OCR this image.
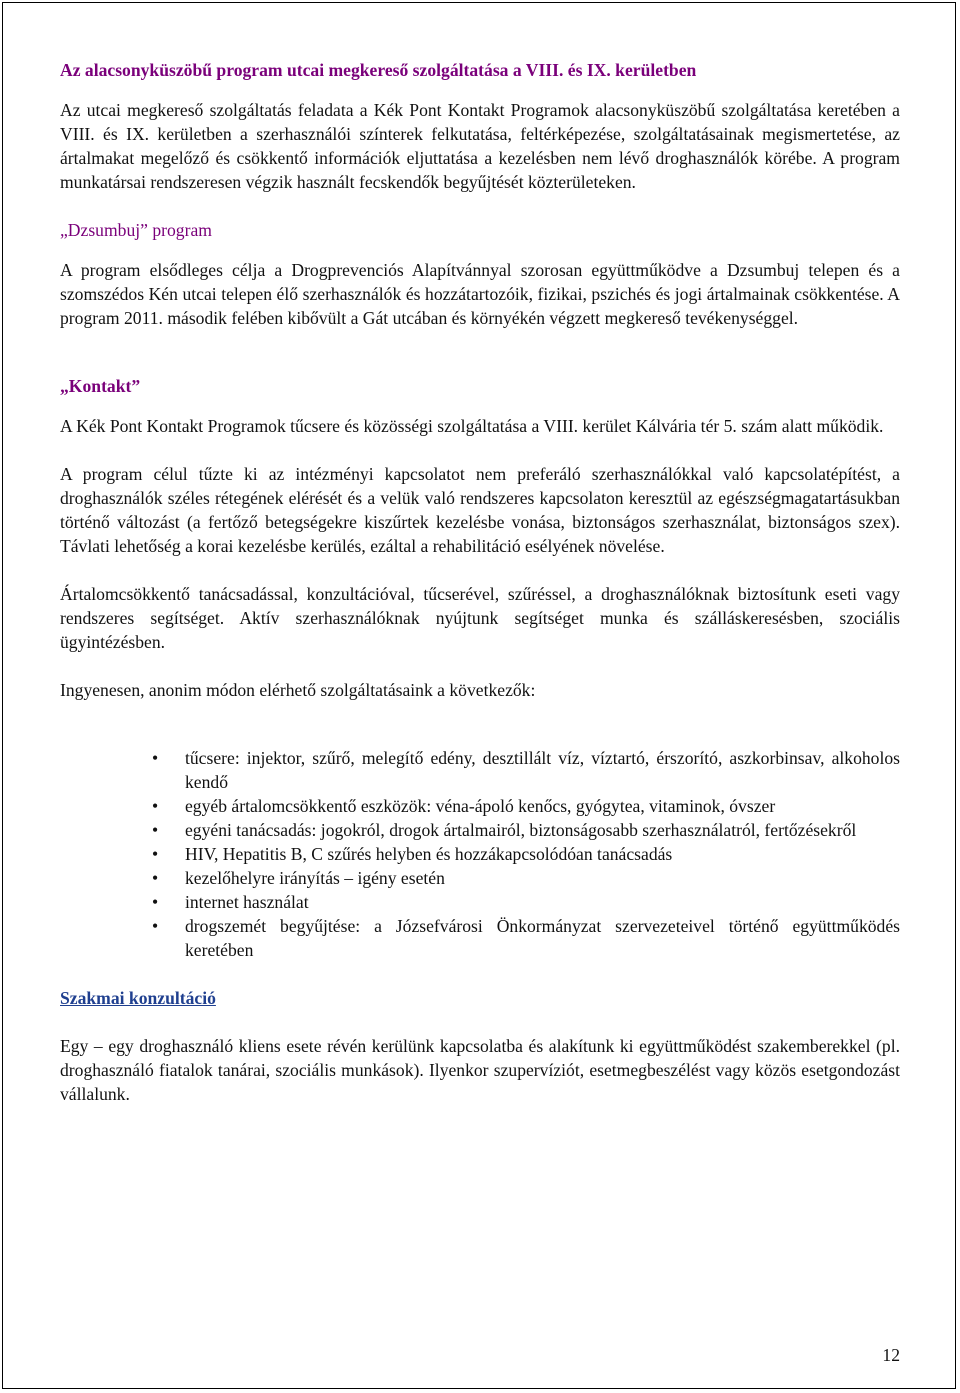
Az alacsonyküszöbű program utcai megkereső szolgáltatása a VIII. és IX. kerületben

Az utcai megkereső szolgáltatás feladata a Kék Pont Kontakt Programok alacsonyküszöbű szolgáltatása keretében a VIII. és IX. kerületben a szerhasználói színterek felkutatása, feltérképezése, szolgáltatásainak megismertetése, az ártalmakat megelőző és csökkentő információk eljuttatása a kezelésben nem lévő droghasználók körébe. A program munkatársai rendszeresen végzik használt fecskendők begyűjtését közterületeken.

„Dzsumbuj” program

A program elsődleges célja a Drogprevenciós Alapítvánnyal szorosan együttműködve a Dzsumbuj telepen és a szomszédos Kén utcai telepen élő szerhasználók és hozzátartozóik, fizikai, pszichés és jogi ártalmainak csökkentése. A program 2011. második felében kibővült a Gát utcában és környékén végzett megkereső tevékenységgel.

„Kontakt”

A Kék Pont Kontakt Programok tűcsere és közösségi szolgáltatása a VIII. kerület Kálvária tér 5. szám alatt működik.

A program célul tűzte ki az intézményi kapcsolatot nem preferáló szerhasználókkal való kapcsolatépítést, a droghasználók széles rétegének elérését és a velük való rendszeres kapcsolaton keresztül az egészségmagatartásukban történő változást (a fertőző betegségekre kiszűrtek kezelésbe vonása, biztonságos szerhasználat, biztonságos szex). Távlati lehetőség a korai kezelésbe kerülés, ezáltal a rehabilitáció esélyének növelése.

Ártalomcsökkentő tanácsadással, konzultációval, tűcserével, szűréssel, a droghasználóknak biztosítunk eseti vagy rendszeres segítséget. Aktív szerhasználóknak nyújtunk segítséget munka és szálláskeresésben, szociális ügyintézésben.

Ingyenesen, anonim módon elérhető szolgáltatásaink a következők:

• tűcsere: injektor, szűrő, melegítő edény, desztillált víz, víztartó, érszorító, aszkorbinsav, alkoholos kendő
• egyéb ártalomcsökkentő eszközök: véna-ápoló kenőcs, gyógytea, vitaminok, óvszer
• egyéni tanácsadás: jogokról, drogok ártalmairól, biztonságosabb szerhasználatról, fertőzésekről
• HIV, Hepatitis B, C szűrés helyben és hozzákapcsolódóan tanácsadás
• kezelőhelyre irányítás – igény esetén
• internet használat
• drogszemét begyűjtése: a Józsefvárosi Önkormányzat szervezeteivel történő együttműködés keretében
Szakmai konzultáció

Egy – egy droghasználó kliens esete révén kerülünk kapcsolatba és alakítunk ki együttműködést szakemberekkel (pl. droghasználó fiatalok tanárai, szociális munkások). Ilyenkor szupervíziót, esetmegbeszélést vagy közös esetgondozást vállalunk.

12
